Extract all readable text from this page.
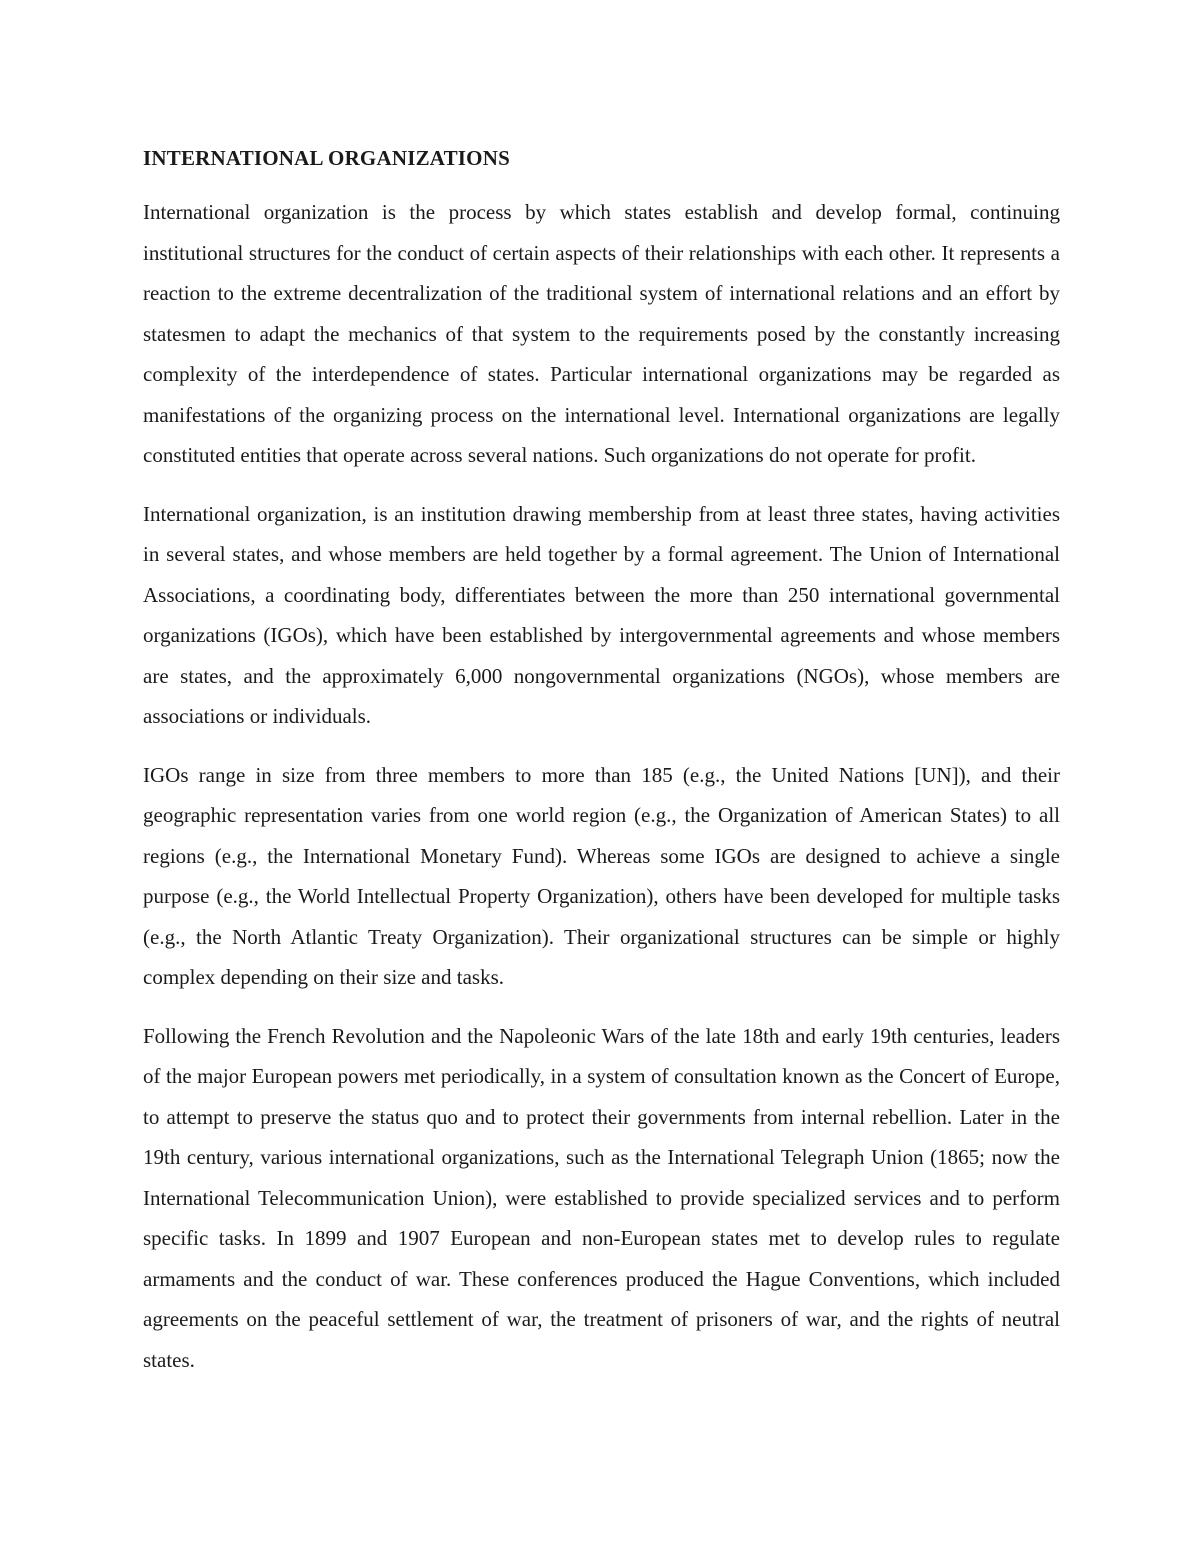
INTERNATIONAL ORGANIZATIONS

International organization is the process by which states establish and develop formal, continuing institutional structures for the conduct of certain aspects of their relationships with each other. It represents a reaction to the extreme decentralization of the traditional system of international relations and an effort by statesmen to adapt the mechanics of that system to the requirements posed by the constantly increasing complexity of the interdependence of states. Particular international organizations may be regarded as manifestations of the organizing process on the international level. International organizations are legally constituted entities that operate across several nations. Such organizations do not operate for profit.

International organization, is an institution drawing membership from at least three states, having activities in several states, and whose members are held together by a formal agreement. The Union of International Associations, a coordinating body, differentiates between the more than 250 international governmental organizations (IGOs), which have been established by intergovernmental agreements and whose members are states, and the approximately 6,000 nongovernmental organizations (NGOs), whose members are associations or individuals.

IGOs range in size from three members to more than 185 (e.g., the United Nations [UN]), and their geographic representation varies from one world region (e.g., the Organization of American States) to all regions (e.g., the International Monetary Fund). Whereas some IGOs are designed to achieve a single purpose (e.g., the World Intellectual Property Organization), others have been developed for multiple tasks (e.g., the North Atlantic Treaty Organization). Their organizational structures can be simple or highly complex depending on their size and tasks.

Following the French Revolution and the Napoleonic Wars of the late 18th and early 19th centuries, leaders of the major European powers met periodically, in a system of consultation known as the Concert of Europe, to attempt to preserve the status quo and to protect their governments from internal rebellion. Later in the 19th century, various international organizations, such as the International Telegraph Union (1865; now the International Telecommunication Union), were established to provide specialized services and to perform specific tasks. In 1899 and 1907 European and non-European states met to develop rules to regulate armaments and the conduct of war. These conferences produced the Hague Conventions, which included agreements on the peaceful settlement of war, the treatment of prisoners of war, and the rights of neutral states.
